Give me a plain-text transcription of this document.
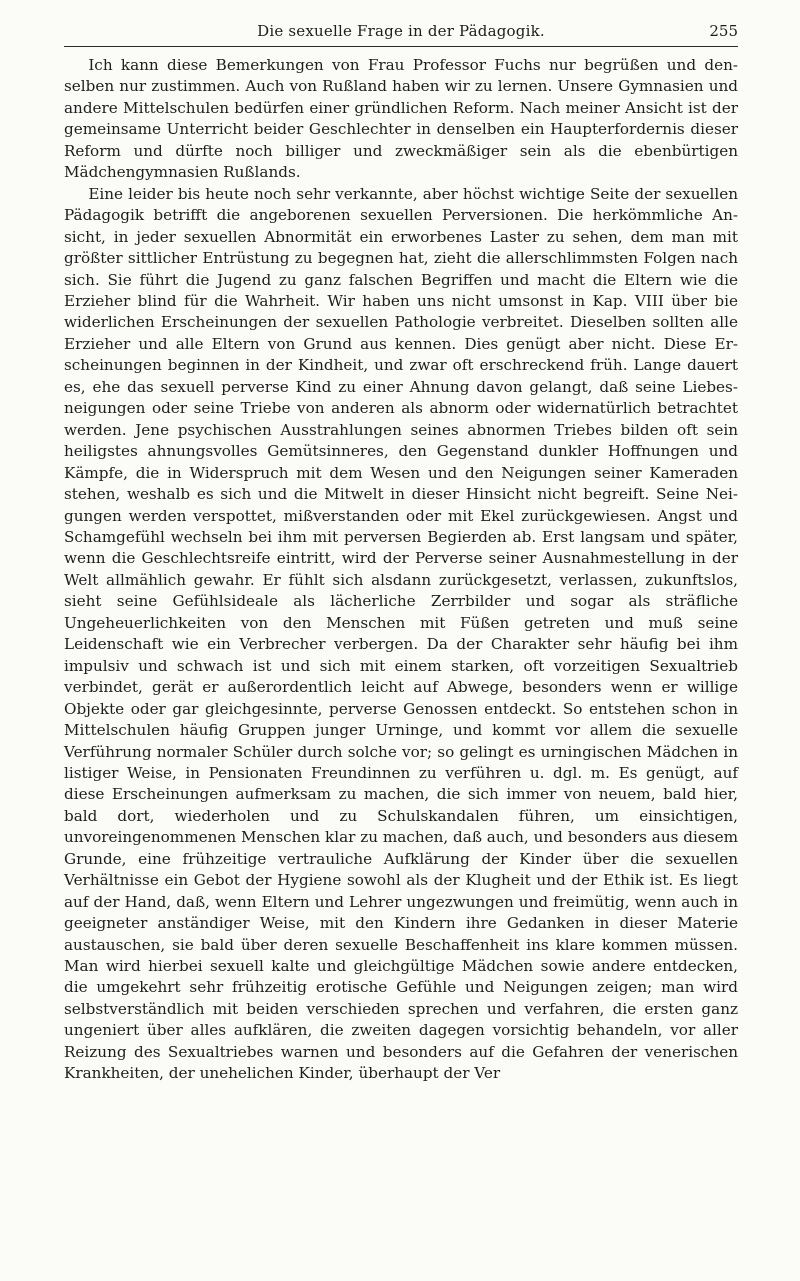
Die sexuelle Frage in der Pädagogik.	255

Ich kann diese Bemerkungen von Frau Professor Fuchs nur begrüßen und denselben nur zustimmen. Auch von Rußland haben wir zu lernen. Unsere Gymnasien und andere Mittelschulen bedürfen einer gründlichen Reform. Nach meiner Ansicht ist der gemeinsame Unterricht beider Geschlechter in denselben ein Haupterfordernis dieser Reform und dürfte noch billiger und zweckmäßiger sein als die ebenbürtigen Mädchengymnasien Rußlands.

Eine leider bis heute noch sehr verkannte, aber höchst wichtige Seite der sexuellen Pädagogik betrifft die angeborenen sexuellen Perversionen. Die herkömmliche Ansicht, in jeder sexuellen Abnormität ein erworbenes Laster zu sehen, dem man mit größter sittlicher Entrüstung zu begegnen hat, zieht die allerschlimmsten Folgen nach sich. Sie führt die Jugend zu ganz falschen Begriffen und macht die Eltern wie die Erzieher blind für die Wahrheit. Wir haben uns nicht umsonst in Kap. VIII über bie widerlichen Erscheinungen der sexuellen Pathologie verbreitet. Dieselben sollten alle Erzieher und alle Eltern von Grund aus kennen. Dies genügt aber nicht. Diese Erscheinungen beginnen in der Kindheit, und zwar oft erschreckend früh. Lange dauert es, ehe das sexuell perverse Kind zu einer Ahnung davon gelangt, daß seine Liebesneigungen oder seine Triebe von anderen als abnorm oder widernatürlich betrachtet werden. Jene psychischen Ausstrahlungen seines abnormen Triebes bilden oft sein heiligstes ahnungsvolles Gemütsinneres, den Gegenstand dunkler Hoffnungen und Kämpfe, die in Widerspruch mit dem Wesen und den Neigungen seiner Kameraden stehen, weshalb es sich und die Mitwelt in dieser Hinsicht nicht begreift. Seine Neigungen werden verspottet, mißverstanden oder mit Ekel zurückgewiesen. Angst und Schamgefühl wechseln bei ihm mit perversen Begierden ab. Erst langsam und später, wenn die Geschlechtsreife eintritt, wird der Perverse seiner Ausnahmestellung in der Welt allmählich gewahr. Er fühlt sich alsdann zurückgesetzt, verlassen, zukunftslos, sieht seine Gefühlsideale als lächerliche Zerrbilder und sogar als sträfliche Ungeheuerlichkeiten von den Menschen mit Füßen getreten und muß seine Leidenschaft wie ein Verbrecher verbergen. Da der Charakter sehr häufig bei ihm impulsiv und schwach ist und sich mit einem starken, oft vorzeitigen Sexualtrieb verbindet, gerät er außerordentlich leicht auf Abwege, besonders wenn er willige Objekte oder gar gleichgesinnte, perverse Genossen entdeckt. So entstehen schon in Mittelschulen häufig Gruppen junger Urninge, und kommt vor allem die sexuelle Verführung normaler Schüler durch solche vor; so gelingt es urningischen Mädchen in listiger Weise, in Pensionaten Freundinnen zu verführen u. dgl. m. Es genügt, auf diese Erscheinungen aufmerksam zu machen, die sich immer von neuem, bald hier, bald dort, wiederholen und zu Schulskandalen führen, um einsichtigen, unvoreingenommenen Menschen klar zu machen, daß auch, und besonders aus diesem Grunde, eine frühzeitige vertrauliche Aufklärung der Kinder über die sexuellen Verhältnisse ein Gebot der Hygiene sowohl als der Klugheit und der Ethik ist. Es liegt auf der Hand, daß, wenn Eltern und Lehrer ungezwungen und freimütig, wenn auch in geeigneter anständiger Weise, mit den Kindern ihre Gedanken in dieser Materie austauschen, sie bald über deren sexuelle Beschaffenheit ins klare kommen müssen. Man wird hierbei sexuell kalte und gleichgültige Mädchen sowie andere entdecken, die umgekehrt sehr frühzeitig erotische Gefühle und Neigungen zeigen; man wird selbstverständlich mit beiden verschieden sprechen und verfahren, die ersten ganz ungeniert über alles aufklären, die zweiten dagegen vorsichtig behandeln, vor aller Reizung des Sexualtriebes warnen und besonders auf die Gefahren der venerischen Krankheiten, der unehelichen Kinder, überhaupt der Ver
